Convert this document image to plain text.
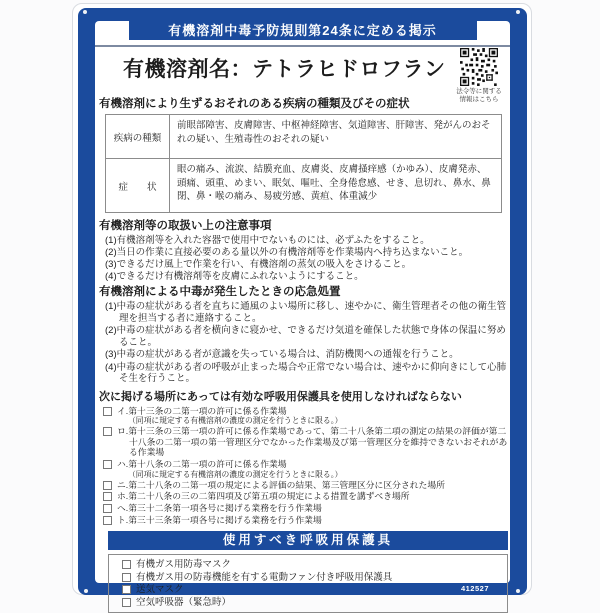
有機溶剤中毒予防規則第24条に定める掲示
有機溶剤名：テトラヒドロフラン
法令等に関する
情報はこちら
有機溶剤により生ずるおそれのある疾病の種類及びその症状
疾病の種類	前眼部障害、皮膚障害、中枢神経障害、気道障害、肝障害、発がんのおそれの疑い、生殖毒性のおそれの疑い
症　　状	眼の痛み、流涙、結膜充血、皮膚炎、皮膚掻痒感（かゆみ）、皮膚発赤、頭痛、頭重、めまい、眠気、嘔吐、全身倦怠感、せき、息切れ、鼻水、鼻閉、鼻・喉の痛み、易疲労感、黄疸、体重減少
有機溶剤等の取扱い上の注意事項
(1)有機溶剤等を入れた容器で使用中でないものには、必ずふたをすること。
(2)当日の作業に直接必要のある量以外の有機溶剤等を作業場内へ持ち込まないこと。
(3)できるだけ風上で作業を行い、有機溶剤の蒸気の吸入をさけること。
(4)できるだけ有機溶剤等を皮膚にふれないようにすること。
有機溶剤による中毒が発生したときの応急処置
(1)中毒の症状がある者を直ちに通風のよい場所に移し、速やかに、衛生管理者その他の衛生管理を担当する者に連絡すること。
(2)中毒の症状がある者を横向きに寝かせ、できるだけ気道を確保した状態で身体の保温に努めること。
(3)中毒の症状がある者が意識を失っている場合は、消防機関への通報を行うこと。
(4)中毒の症状がある者の呼吸が止まった場合や正常でない場合は、速やかに仰向きにして心肺そ生を行うこと。
次に掲げる場所にあっては有効な呼吸用保護具を使用しなければならない
イ.第十三条の二第一項の許可に係る作業場
（同項に規定する有機溶剤の濃度の測定を行うときに限る。）
ロ.第十三条の三第一項の許可に係る作業場であって、第二十八条第二項の測定の結果の評価が第二十八条の二第一項の第一管理区分でなかった作業場及び第一管理区分を維持できないおそれがある作業場
ハ.第十八条の二第一項の許可に係る作業場
（同項に規定する有機溶剤の濃度の測定を行うときに限る。）
ニ.第二十八条の二第一項の規定による評価の結果、第三管理区分に区分された場所
ホ.第二十八条の三の二第四項及び第五項の規定による措置を講ずべき場所
ヘ.第三十二条第一項各号に掲げる業務を行う作業場
ト.第三十三条第一項各号に掲げる業務を行う作業場
使用すべき呼吸用保護具
有機ガス用防毒マスク
有機ガス用の防毒機能を有する電動ファン付き呼吸用保護具
送気マスク
空気呼吸器（緊急時）
412527
